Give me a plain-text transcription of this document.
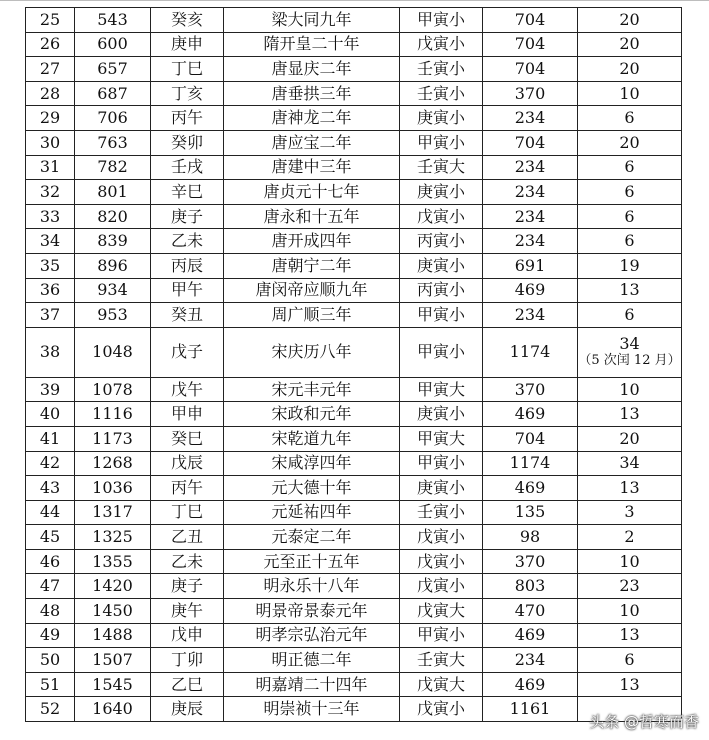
25	543	癸亥	梁大同九年	甲寅小	704	20
26	600	庚申	隋开皇二十年	戊寅小	704	20
27	657	丁巳	唐显庆二年	壬寅小	704	20
28	687	丁亥	唐垂拱三年	壬寅小	370	10
29	706	丙午	唐神龙二年	庚寅小	234	6
30	763	癸卯	唐应宝二年	甲寅小	704	20
31	782	壬戌	唐建中三年	壬寅大	234	6
32	801	辛巳	唐贞元十七年	庚寅小	234	6
33	820	庚子	唐永和十五年	戊寅小	234	6
34	839	乙未	唐开成四年	丙寅小	234	6
35	896	丙辰	唐朝宁二年	庚寅小	691	19
36	934	甲午	唐闵帝应顺九年	丙寅小	469	13
37	953	癸丑	周广顺三年	甲寅小	234	6
38	1048	戊子	宋庆历八年	甲寅小	1174	34
（5 次闰 12 月）

39	1078	戊午	宋元丰元年	甲寅大	370	10
40	1116	甲申	宋政和元年	庚寅小	469	13
41	1173	癸巳	宋乾道九年	甲寅大	704	20
42	1268	戊辰	宋咸淳四年	甲寅小	1174	34
43	1036	丙午	元大德十年	庚寅小	469	13
44	1317	丁巳	元延祐四年	壬寅小	135	3
45	1325	乙丑	元泰定二年	戊寅小	98	2
46	1355	乙未	元至正十五年	戊寅小	370	10
47	1420	庚子	明永乐十八年	戊寅小	803	23
48	1450	庚午	明景帝景泰元年	戊寅大	470	10
49	1488	戊申	明孝宗弘治元年	甲寅小	469	13
50	1507	丁卯	明正德二年	壬寅大	234	6
51	1545	乙巳	明嘉靖二十四年	戊寅大	469	13
52	1640	庚辰	明崇祯十三年	戊寅小	1161	
头条 @哲寒而香
